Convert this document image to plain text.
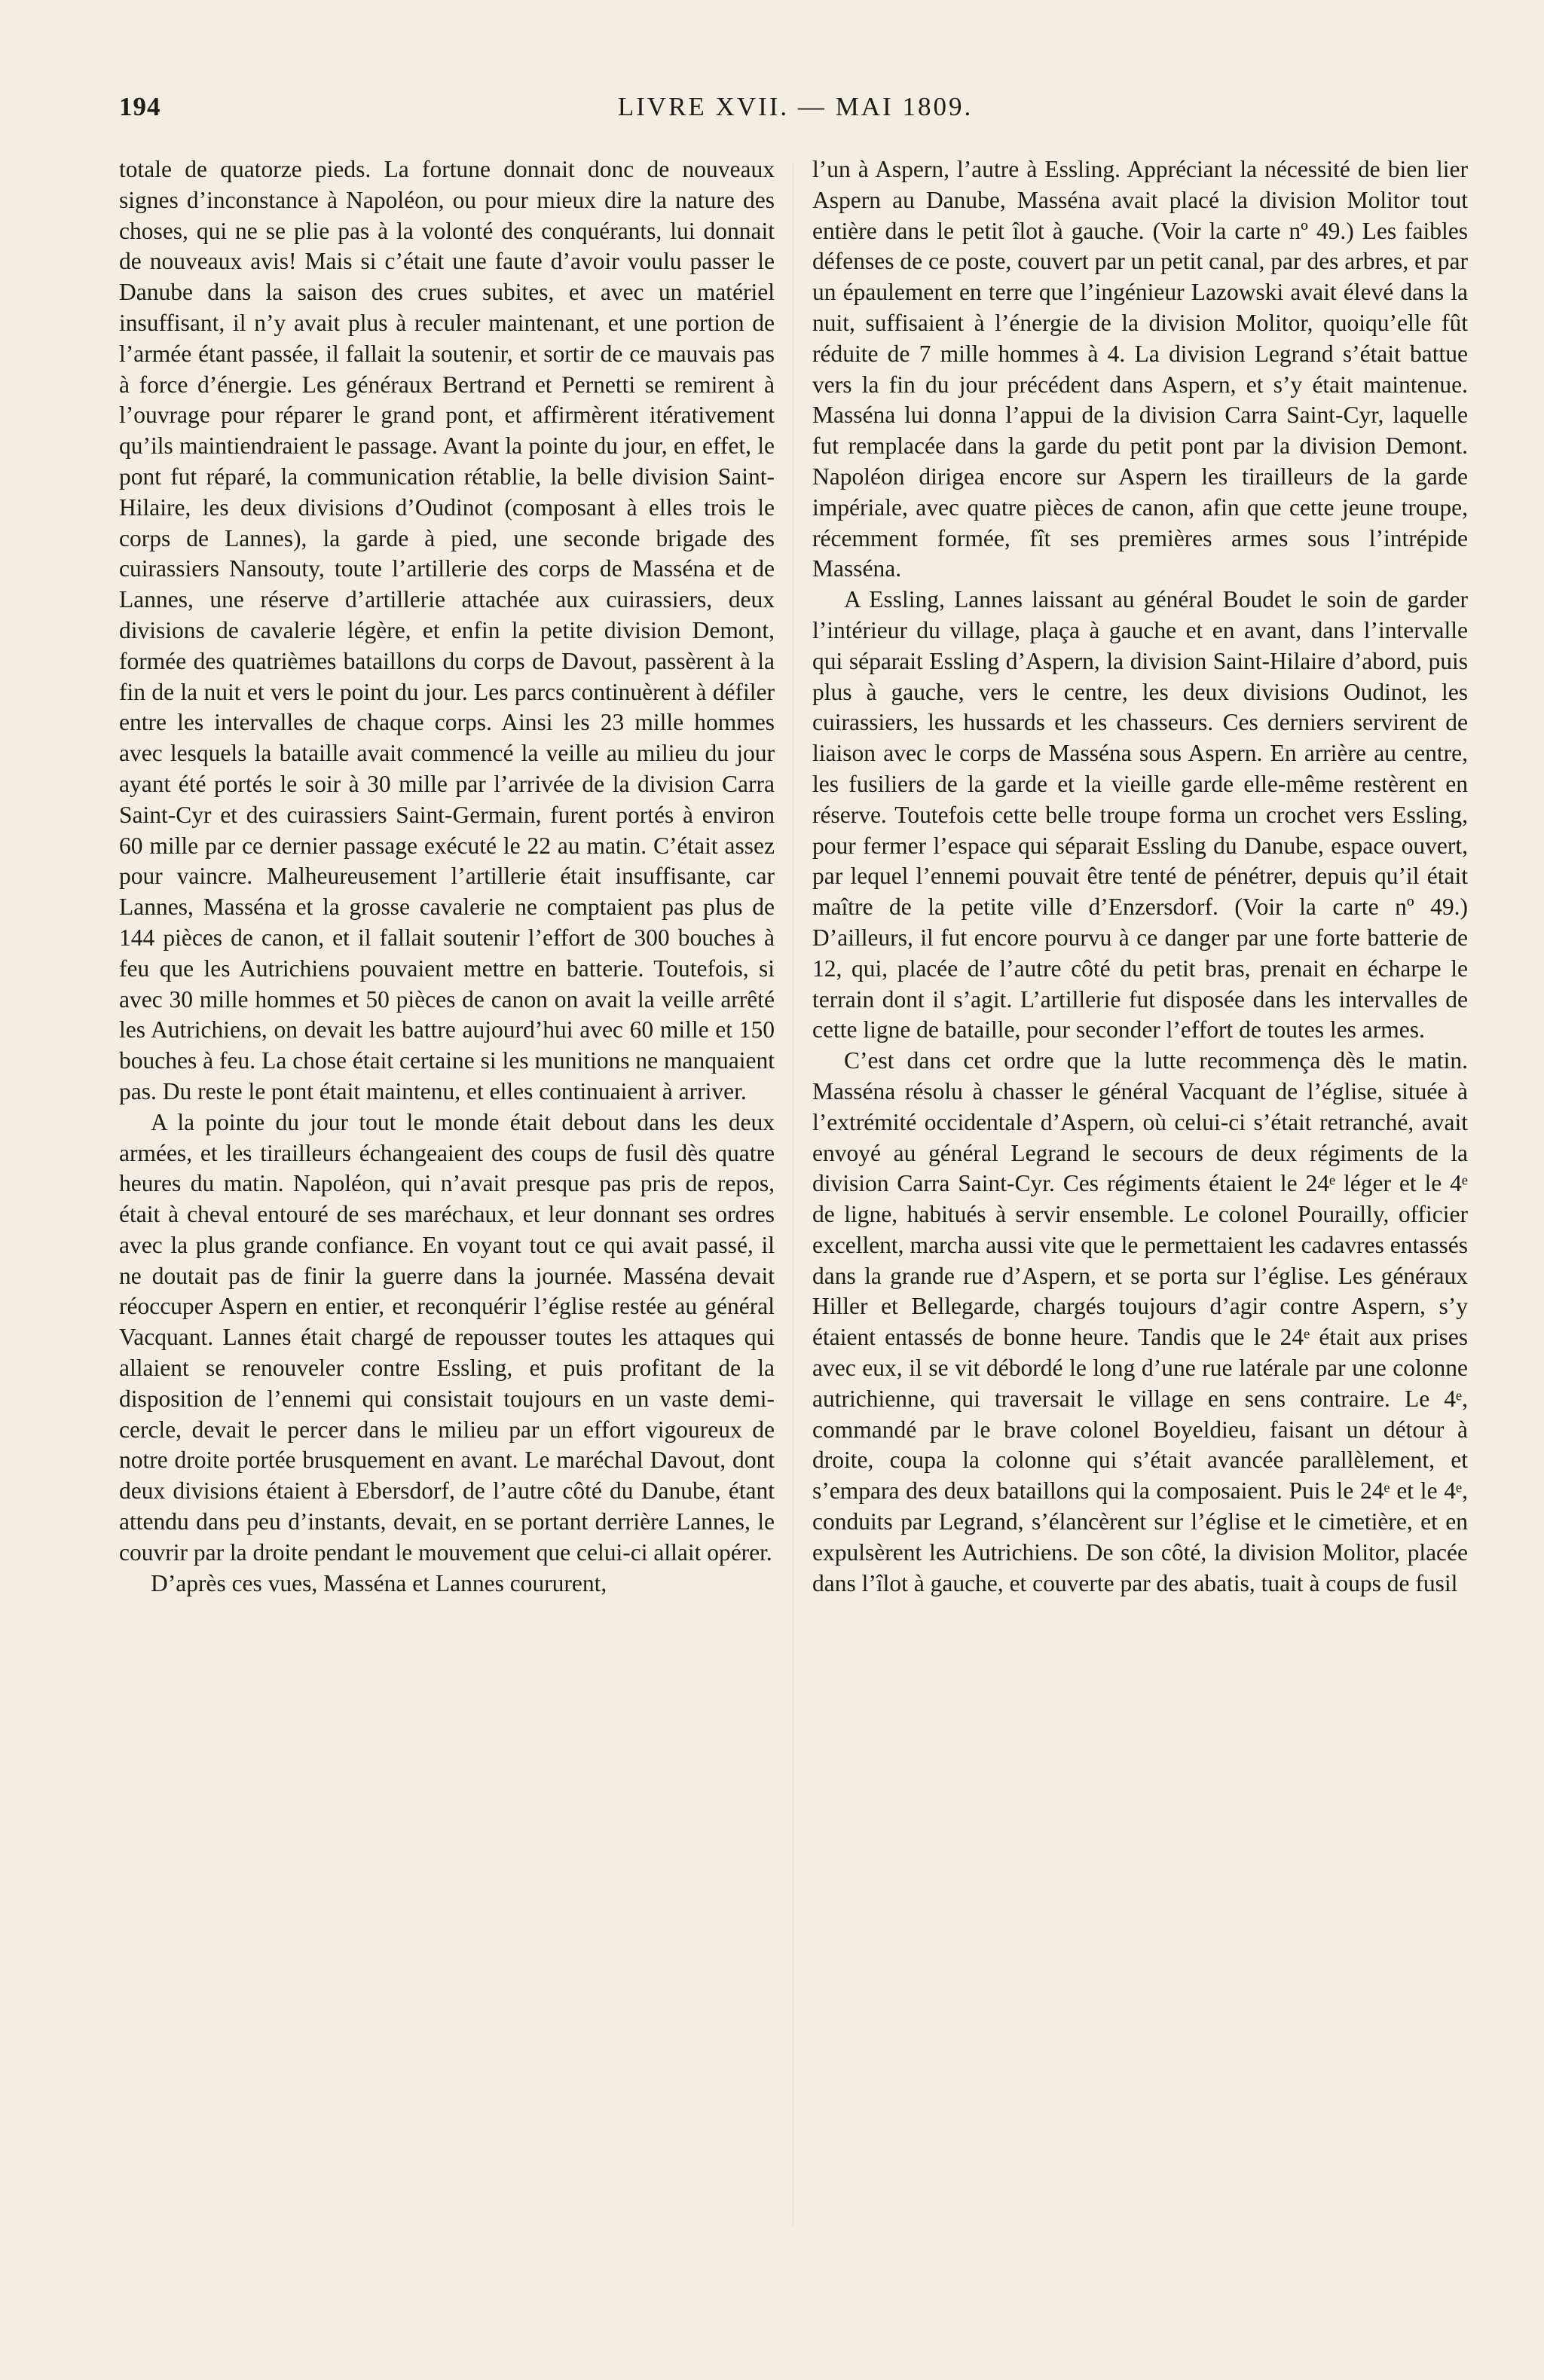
194	LIVRE XVII. — MAI 1809.

totale de quatorze pieds. La fortune donnait donc de nouveaux signes d’inconstance à Napoléon, ou pour mieux dire la nature des choses, qui ne se plie pas à la volonté des conquérants, lui donnait de nouveaux avis! Mais si c’était une faute d’avoir voulu passer le Danube dans la saison des crues subites, et avec un matériel insuffisant, il n’y avait plus à reculer maintenant, et une portion de l’armée étant passée, il fallait la soutenir, et sortir de ce mauvais pas à force d’énergie. Les généraux Bertrand et Pernetti se remirent à l’ouvrage pour réparer le grand pont, et affirmèrent itérativement qu’ils maintiendraient le passage. Avant la pointe du jour, en effet, le pont fut réparé, la communication rétablie, la belle division Saint-Hilaire, les deux divisions d’Oudinot (composant à elles trois le corps de Lannes), la garde à pied, une seconde brigade des cuirassiers Nansouty, toute l’artillerie des corps de Masséna et de Lannes, une réserve d’artillerie attachée aux cuirassiers, deux divisions de cavalerie légère, et enfin la petite division Demont, formée des quatrièmes bataillons du corps de Davout, passèrent à la fin de la nuit et vers le point du jour. Les parcs continuèrent à défiler entre les intervalles de chaque corps. Ainsi les 23 mille hommes avec lesquels la bataille avait commencé la veille au milieu du jour ayant été portés le soir à 30 mille par l’arrivée de la division Carra Saint-Cyr et des cuirassiers Saint-Germain, furent portés à environ 60 mille par ce dernier passage exécuté le 22 au matin. C’était assez pour vaincre. Malheureusement l’artillerie était insuffisante, car Lannes, Masséna et la grosse cavalerie ne comptaient pas plus de 144 pièces de canon, et il fallait soutenir l’effort de 300 bouches à feu que les Autrichiens pouvaient mettre en batterie. Toutefois, si avec 30 mille hommes et 50 pièces de canon on avait la veille arrêté les Autrichiens, on devait les battre aujourd’hui avec 60 mille et 150 bouches à feu. La chose était certaine si les munitions ne manquaient pas. Du reste le pont était maintenu, et elles continuaient à arriver.

A la pointe du jour tout le monde était debout dans les deux armées, et les tirailleurs échangeaient des coups de fusil dès quatre heures du matin. Napoléon, qui n’avait presque pas pris de repos, était à cheval entouré de ses maréchaux, et leur donnant ses ordres avec la plus grande confiance. En voyant tout ce qui avait passé, il ne doutait pas de finir la guerre dans la journée. Masséna devait réoccuper Aspern en entier, et reconquérir l’église restée au général Vacquant. Lannes était chargé de repousser toutes les attaques qui allaient se renouveler contre Essling, et puis profitant de la disposition de l’ennemi qui consistait toujours en un vaste demi-cercle, devait le percer dans le milieu par un effort vigoureux de notre droite portée brusquement en avant. Le maréchal Davout, dont deux divisions étaient à Ebersdorf, de l’autre côté du Danube, étant attendu dans peu d’instants, devait, en se portant derrière Lannes, le couvrir par la droite pendant le mouvement que celui-ci allait opérer.

D’après ces vues, Masséna et Lannes coururent,

l’un à Aspern, l’autre à Essling. Appréciant la nécessité de bien lier Aspern au Danube, Masséna avait placé la division Molitor tout entière dans le petit îlot à gauche. (Voir la carte nº 49.) Les faibles défenses de ce poste, couvert par un petit canal, par des arbres, et par un épaulement en terre que l’ingénieur Lazowski avait élevé dans la nuit, suffisaient à l’énergie de la division Molitor, quoiqu’elle fût réduite de 7 mille hommes à 4. La division Legrand s’était battue vers la fin du jour précédent dans Aspern, et s’y était maintenue. Masséna lui donna l’appui de la division Carra Saint-Cyr, laquelle fut remplacée dans la garde du petit pont par la division Demont. Napoléon dirigea encore sur Aspern les tirailleurs de la garde impériale, avec quatre pièces de canon, afin que cette jeune troupe, récemment formée, fît ses premières armes sous l’intrépide Masséna.

A Essling, Lannes laissant au général Boudet le soin de garder l’intérieur du village, plaça à gauche et en avant, dans l’intervalle qui séparait Essling d’Aspern, la division Saint-Hilaire d’abord, puis plus à gauche, vers le centre, les deux divisions Oudinot, les cuirassiers, les hussards et les chasseurs. Ces derniers servirent de liaison avec le corps de Masséna sous Aspern. En arrière au centre, les fusiliers de la garde et la vieille garde elle-même restèrent en réserve. Toutefois cette belle troupe forma un crochet vers Essling, pour fermer l’espace qui séparait Essling du Danube, espace ouvert, par lequel l’ennemi pouvait être tenté de pénétrer, depuis qu’il était maître de la petite ville d’Enzersdorf. (Voir la carte nº 49.) D’ailleurs, il fut encore pourvu à ce danger par une forte batterie de 12, qui, placée de l’autre côté du petit bras, prenait en écharpe le terrain dont il s’agit. L’artillerie fut disposée dans les intervalles de cette ligne de bataille, pour seconder l’effort de toutes les armes.

C’est dans cet ordre que la lutte recommença dès le matin. Masséna résolu à chasser le général Vacquant de l’église, située à l’extrémité occidentale d’Aspern, où celui-ci s’était retranché, avait envoyé au général Legrand le secours de deux régiments de la division Carra Saint-Cyr. Ces régiments étaient le 24ᵉ léger et le 4ᵉ de ligne, habitués à servir ensemble. Le colonel Pourailly, officier excellent, marcha aussi vite que le permettaient les cadavres entassés dans la grande rue d’Aspern, et se porta sur l’église. Les généraux Hiller et Bellegarde, chargés toujours d’agir contre Aspern, s’y étaient entassés de bonne heure. Tandis que le 24ᵉ était aux prises avec eux, il se vit débordé le long d’une rue latérale par une colonne autrichienne, qui traversait le village en sens contraire. Le 4ᵉ, commandé par le brave colonel Boyeldieu, faisant un détour à droite, coupa la colonne qui s’était avancée parallèlement, et s’empara des deux bataillons qui la composaient. Puis le 24ᵉ et le 4ᵉ, conduits par Legrand, s’élancèrent sur l’église et le cimetière, et en expulsèrent les Autrichiens. De son côté, la division Molitor, placée dans l’îlot à gauche, et couverte par des abatis, tuait à coups de fusil
